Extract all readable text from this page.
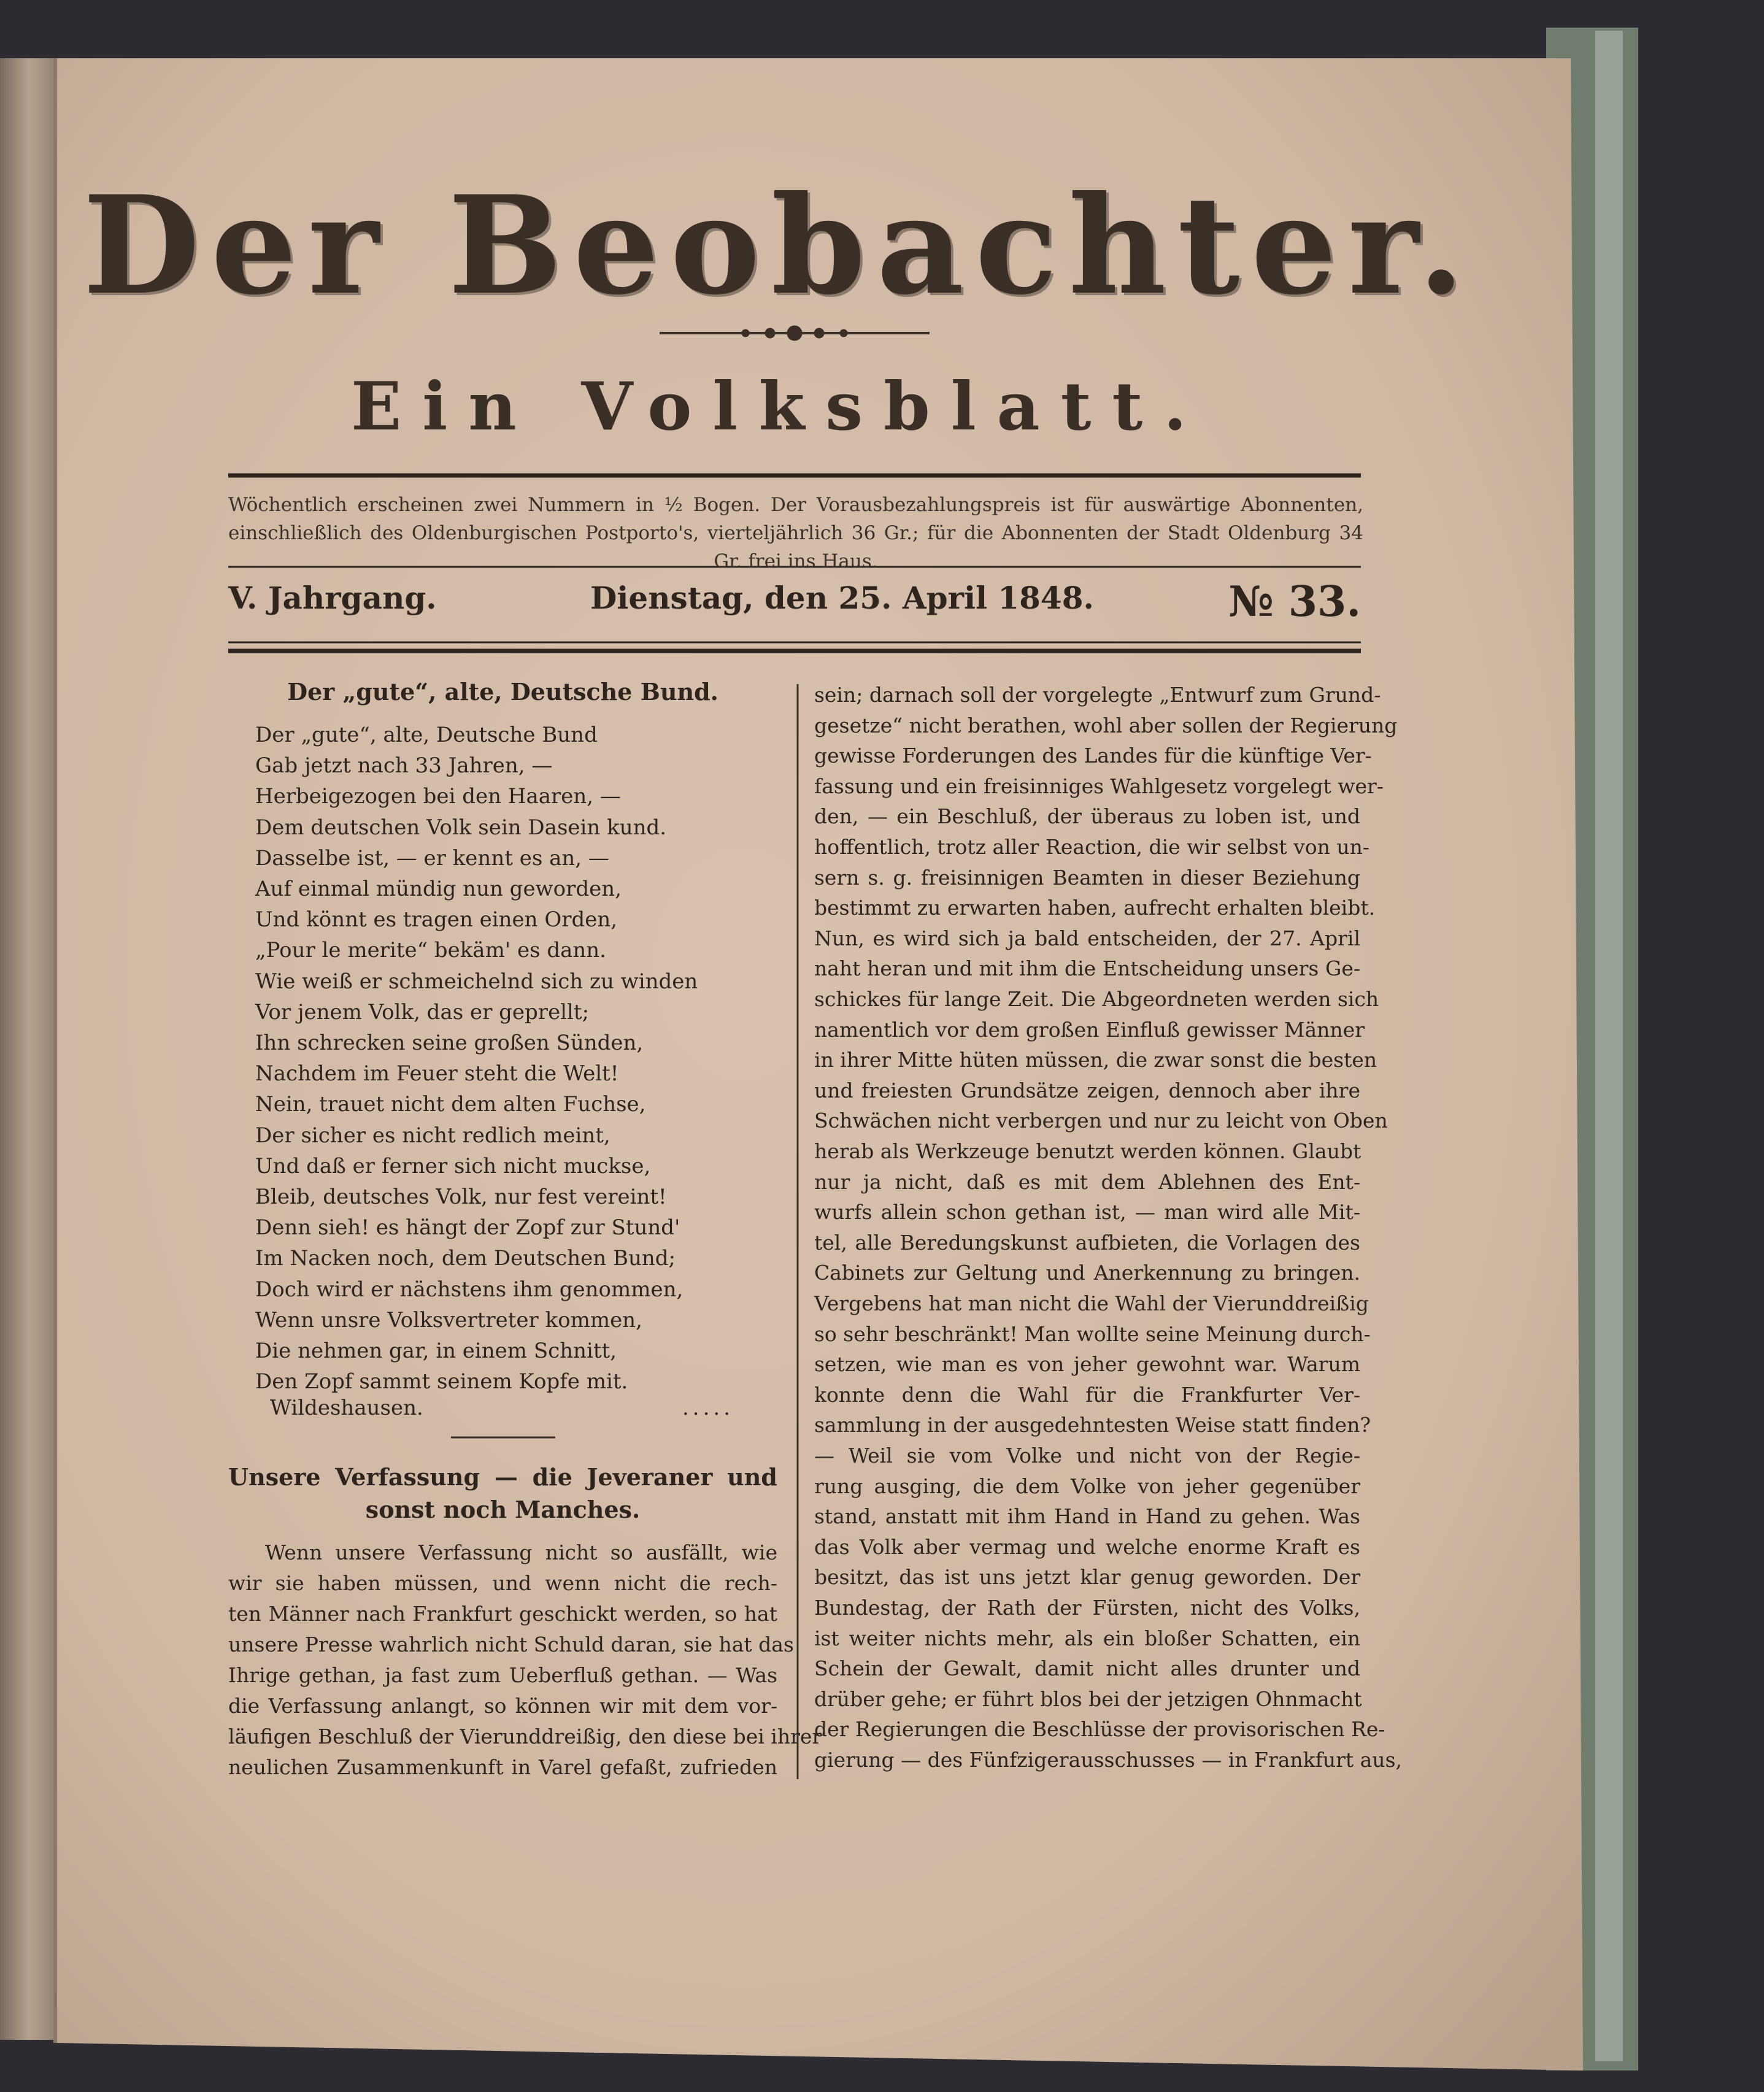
Der Beobachter.
Ein Volksblatt.
Wöchentlich erscheinen zwei Nummern in ½ Bogen. Der Vorausbezahlungspreis ist für auswärtige Abonnenten, einschließlich des Oldenburgischen Postporto's, vierteljährlich 36 Gr.; für die Abonnenten der Stadt Oldenburg 34 Gr. frei ins Haus.
V. Jahrgang.	Dienstag, den 25. April 1848.	№ 33.
Der „gute“, alte, Deutsche Bund.
Der „gute“, alte, Deutsche Bund
Gab jetzt nach 33 Jahren, —
Herbeigezogen bei den Haaren, —
Dem deutschen Volk sein Dasein kund.
Dasselbe ist, — er kennt es an, —
Auf einmal mündig nun geworden,
Und könnt es tragen einen Orden,
„Pour le merite“ bekäm' es dann.
Wie weiß er schmeichelnd sich zu winden
Vor jenem Volk, das er geprellt;
Ihn schrecken seine großen Sünden,
Nachdem im Feuer steht die Welt!
Nein, trauet nicht dem alten Fuchse,
Der sicher es nicht redlich meint,
Und daß er ferner sich nicht muckse,
Bleib, deutsches Volk, nur fest vereint!
Denn sieh! es hängt der Zopf zur Stund'
Im Nacken noch, dem Deutschen Bund;
Doch wird er nächstens ihm genommen,
Wenn unsre Volksvertreter kommen,
Die nehmen gar, in einem Schnitt,
Den Zopf sammt seinem Kopfe mit.
Wildeshausen.	.....
Unsere Verfassung — die Jeveraner und
sonst noch Manches.
Wenn unsere Verfassung nicht so ausfällt, wie
wir sie haben müssen, und wenn nicht die rech-
ten Männer nach Frankfurt geschickt werden, so hat
unsere Presse wahrlich nicht Schuld daran, sie hat das
Ihrige gethan, ja fast zum Ueberfluß gethan. — Was
die Verfassung anlangt, so können wir mit dem vor-
läufigen Beschluß der Vierunddreißig, den diese bei ihrer
neulichen Zusammenkunft in Varel gefaßt, zufrieden
sein; darnach soll der vorgelegte „Entwurf zum Grund-
gesetze“ nicht berathen, wohl aber sollen der Regierung
gewisse Forderungen des Landes für die künftige Ver-
fassung und ein freisinniges Wahlgesetz vorgelegt wer-
den, — ein Beschluß, der überaus zu loben ist, und
hoffentlich, trotz aller Reaction, die wir selbst von un-
sern s. g. freisinnigen Beamten in dieser Beziehung
bestimmt zu erwarten haben, aufrecht erhalten bleibt.
Nun, es wird sich ja bald entscheiden, der 27. April
naht heran und mit ihm die Entscheidung unsers Ge-
schickes für lange Zeit. Die Abgeordneten werden sich
namentlich vor dem großen Einfluß gewisser Männer
in ihrer Mitte hüten müssen, die zwar sonst die besten
und freiesten Grundsätze zeigen, dennoch aber ihre
Schwächen nicht verbergen und nur zu leicht von Oben
herab als Werkzeuge benutzt werden können. Glaubt
nur ja nicht, daß es mit dem Ablehnen des Ent-
wurfs allein schon gethan ist, — man wird alle Mit-
tel, alle Beredungskunst aufbieten, die Vorlagen des
Cabinets zur Geltung und Anerkennung zu bringen.
Vergebens hat man nicht die Wahl der Vierunddreißig
so sehr beschränkt! Man wollte seine Meinung durch-
setzen, wie man es von jeher gewohnt war. Warum
konnte denn die Wahl für die Frankfurter Ver-
sammlung in der ausgedehntesten Weise statt finden?
— Weil sie vom Volke und nicht von der Regie-
rung ausging, die dem Volke von jeher gegenüber
stand, anstatt mit ihm Hand in Hand zu gehen. Was
das Volk aber vermag und welche enorme Kraft es
besitzt, das ist uns jetzt klar genug geworden. Der
Bundestag, der Rath der Fürsten, nicht des Volks,
ist weiter nichts mehr, als ein bloßer Schatten, ein
Schein der Gewalt, damit nicht alles drunter und
drüber gehe; er führt blos bei der jetzigen Ohnmacht
der Regierungen die Beschlüsse der provisorischen Re-
gierung — des Fünfzigerausschusses — in Frankfurt aus,
